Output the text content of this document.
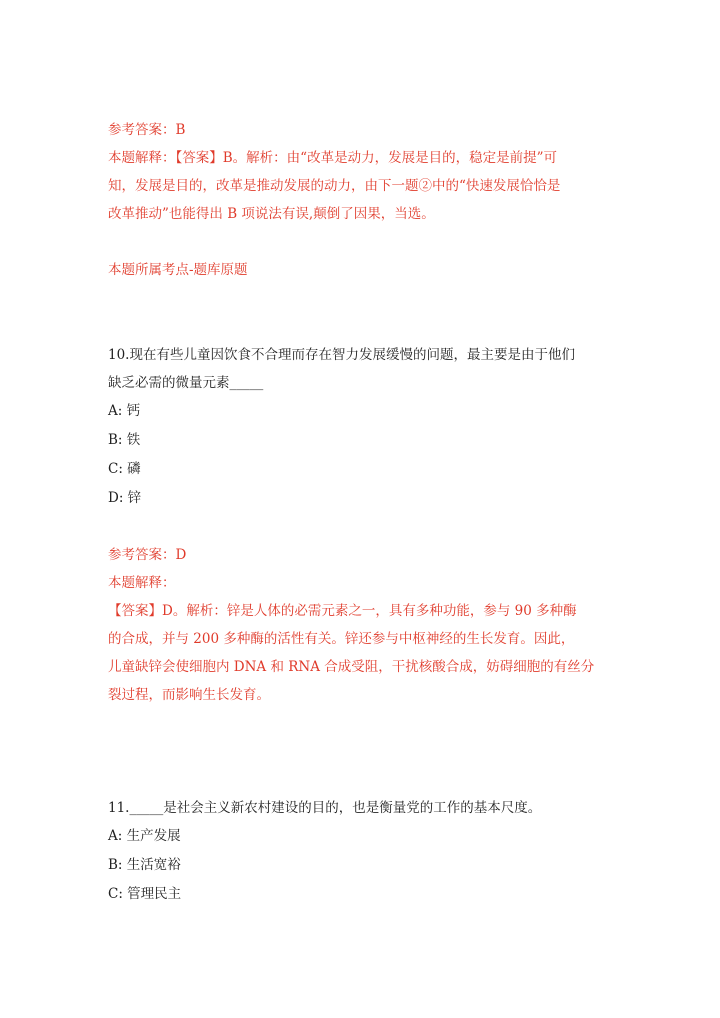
参考答案：B
本题解释：【答案】B。解析：由“改革是动力，发展是目的，稳定是前提”可
知，发展是目的，改革是推动发展的动力，由下一题②中的“快速发展恰恰是
改革推动”也能得出 B 项说法有误,颠倒了因果，当选。
本题所属考点-题库原题
10.现在有些儿童因饮食不合理而存在智力发展缓慢的问题，最主要是由于他们
缺乏必需的微量元素_____
A: 钙
B: 铁
C: 磷
D: 锌
参考答案：D
本题解释：
【答案】D。解析：锌是人体的必需元素之一，具有多种功能，参与 90 多种酶
的合成，并与 200 多种酶的活性有关。锌还参与中枢神经的生长发育。因此，
儿童缺锌会使细胞内 DNA 和 RNA 合成受阻，干扰核酸合成，妨碍细胞的有丝分
裂过程，而影响生长发育。
11._____是社会主义新农村建设的目的，也是衡量党的工作的基本尺度。
A: 生产发展
B: 生活宽裕
C: 管理民主
